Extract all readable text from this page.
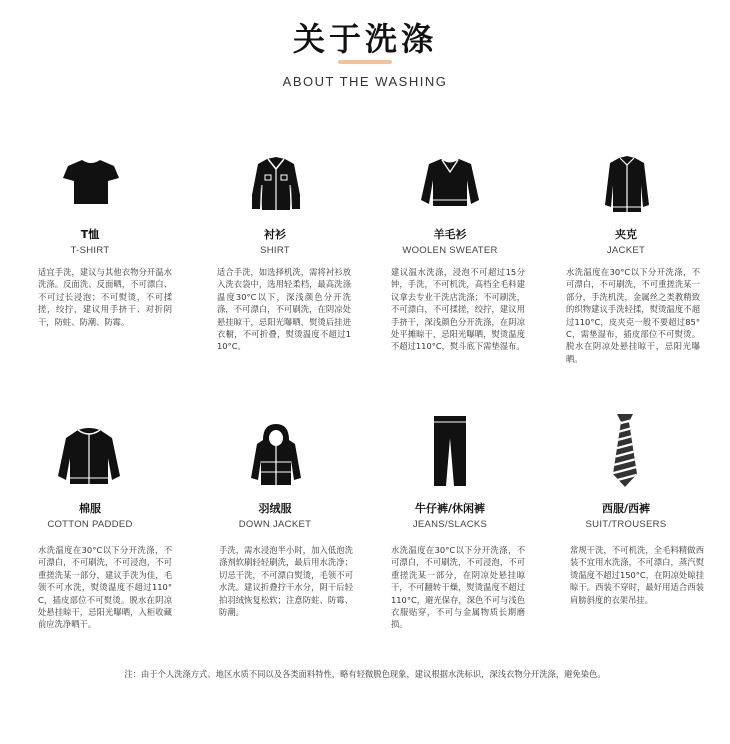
关于洗涤
ABOUT THE WASHING
T恤
T-SHIRT
适宜手洗，建议与其他衣物分开温水洗涤。反面洗、反面晒，不可漂白、不可过长浸泡；不可熨烫，不可揉搓，绞拧，建议用手挤干、对折阴干，防蛀、防潮、防霉。
衬衫
SHIRT
适合手洗，如选择机洗，需将衬衫放入洗衣袋中，选用轻柔档，最高洗涤温度30°C以下，深浅颜色分开洗涤，不可漂白，不可刷洗，在阴凉处悬挂晾干，忌阳光曝晒，熨烫后挂进衣橱，不可折叠，熨烫温度不超过110°C。
羊毛衫
WOOLEN SWEATER
建议温水洗涤，浸泡不可超过15分钟，手洗，不可机洗，高档全毛料建议拿去专业干洗店洗涤；不可刷洗，不可漂白，不可揉搓，绞拧，建议用手挤干，深浅颜色分开洗涤，在阴凉处平摊晾干，忌阳光曝晒，熨烫温度不超过110°C，熨斗底下需垫湿布。
夹克
JACKET
水洗温度在30°C以下分开洗涤，不可漂白，不可刷洗，不可重搓洗某一部分，手洗机洗，金属丝之类教精致的织物建议手洗轻揉，熨烫温度不超过110°C，皮夹克一般不要超过85°C，需垫湿布，插皮部位不可熨烫。脱水在阴凉处悬挂晾干，忌阳光曝晒。
棉服
COTTON PADDED
水洗温度在30°C以下分开洗涤，不可漂白，不可刷洗，不可浸泡，不可重搓洗某一部分，建议手洗为佳，毛领不可水洗，熨烫温度不超过110°C，插皮部位不可熨烫。脱水在阴凉处悬挂晾干，忌阳光曝晒，入柜收藏前应洗净晒干。
羽绒服
DOWN JACKET
手洗，需水浸泡半小时，加入低泡洗涤剂软刷轻轻刷洗，最后用水洗净；切忌干洗，不可漂白熨烫，毛领不可水洗。建议折叠拧干水分，阴干后轻拍羽绒恢复松软；注意防蛀、防霉、防潮。
牛仔裤/休闲裤
JEANS/SLACKS
水洗温度在30°C以下分开洗涤，不可漂白，不可刷洗，不可浸泡，不可重搓洗某一部分，在阴凉处悬挂晾干，不可翻转干燥，熨烫温度不超过110°C，避光保存，深色不可与浅色衣服贴穿，不可与金属物质长期磨损。
西服/西裤
SUIT/TROUSERS
常规干洗，不可机洗，全毛料精做西装不宜用水洗涤，不可漂白，蒸汽熨烫温度不超过150°C，在阴凉处晾挂晾干。西装不穿时，最好用适合西装肩膀斜度的衣架吊挂。
注：由于个人洗涤方式、地区水质不同以及各类面料特性，略有轻微脱色现象，建议根据水洗标识，深浅衣物分开洗涤，避免染色。
